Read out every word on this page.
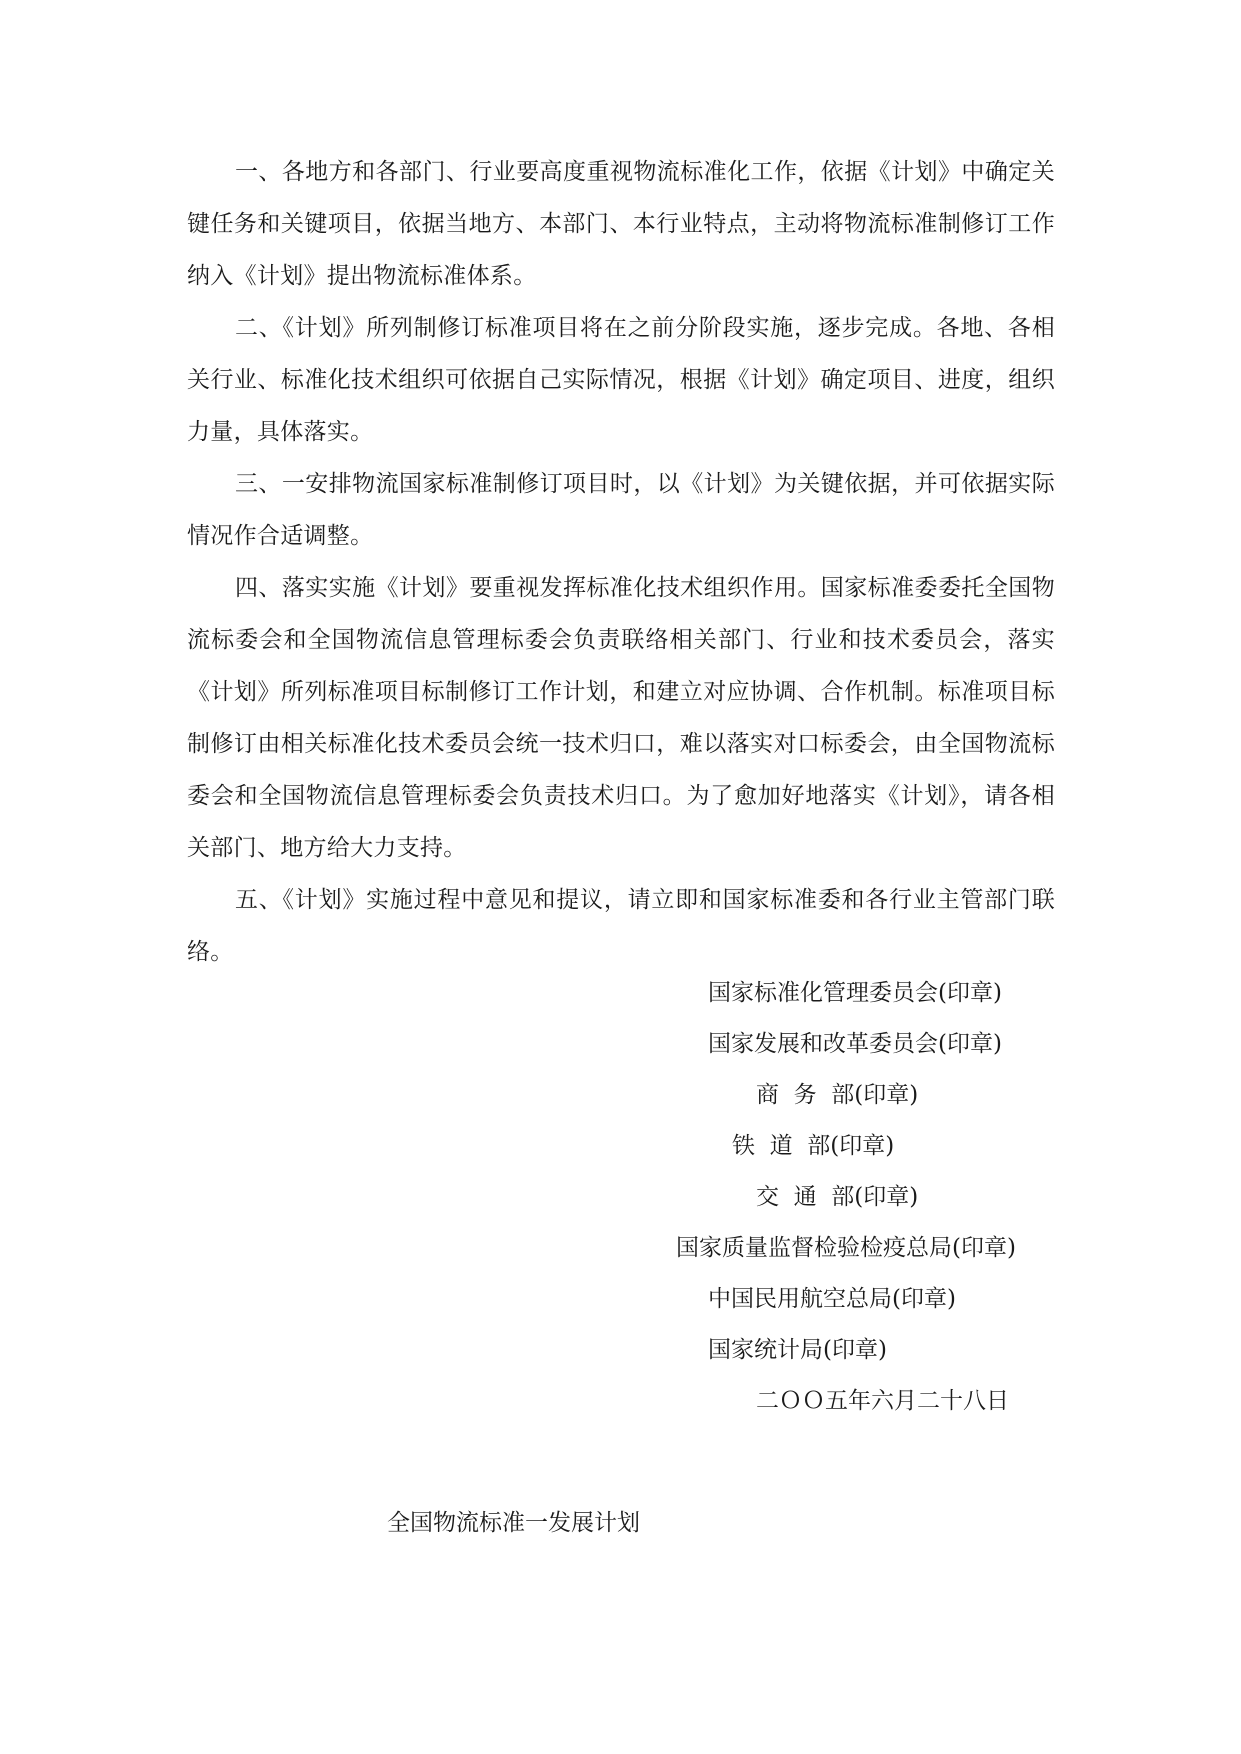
一、各地方和各部门、行业要高度重视物流标准化工作，依据《计划》中确定关键任务和关键项目，依据当地方、本部门、本行业特点，主动将物流标准制修订工作纳入《计划》提出物流标准体系。

二、《计划》所列制修订标准项目将在之前分阶段实施，逐步完成。各地、各相关行业、标准化技术组织可依据自己实际情况，根据《计划》确定项目、进度，组织力量，具体落实。

三、一安排物流国家标准制修订项目时，以《计划》为关键依据，并可依据实际情况作合适调整。

四、落实实施《计划》要重视发挥标准化技术组织作用。国家标准委委托全国物流标委会和全国物流信息管理标委会负责联络相关部门、行业和技术委员会，落实《计划》所列标准项目标制修订工作计划，和建立对应协调、合作机制。标准项目标制修订由相关标准化技术委员会统一技术归口，难以落实对口标委会，由全国物流标委会和全国物流信息管理标委会负责技术归口。为了愈加好地落实《计划》，请各相关部门、地方给大力支持。

五、《计划》实施过程中意见和提议，请立即和国家标准委和各行业主管部门联络。

国家标准化管理委员会(印章)

国家发展和改革委员会(印章)

商  务  部(印章)

铁  道  部(印章)

交  通  部(印章)

国家质量监督检验检疫总局(印章)

中国民用航空总局(印章)

国家统计局(印章)

二ＯＯ五年六月二十八日

全国物流标准一发展计划
